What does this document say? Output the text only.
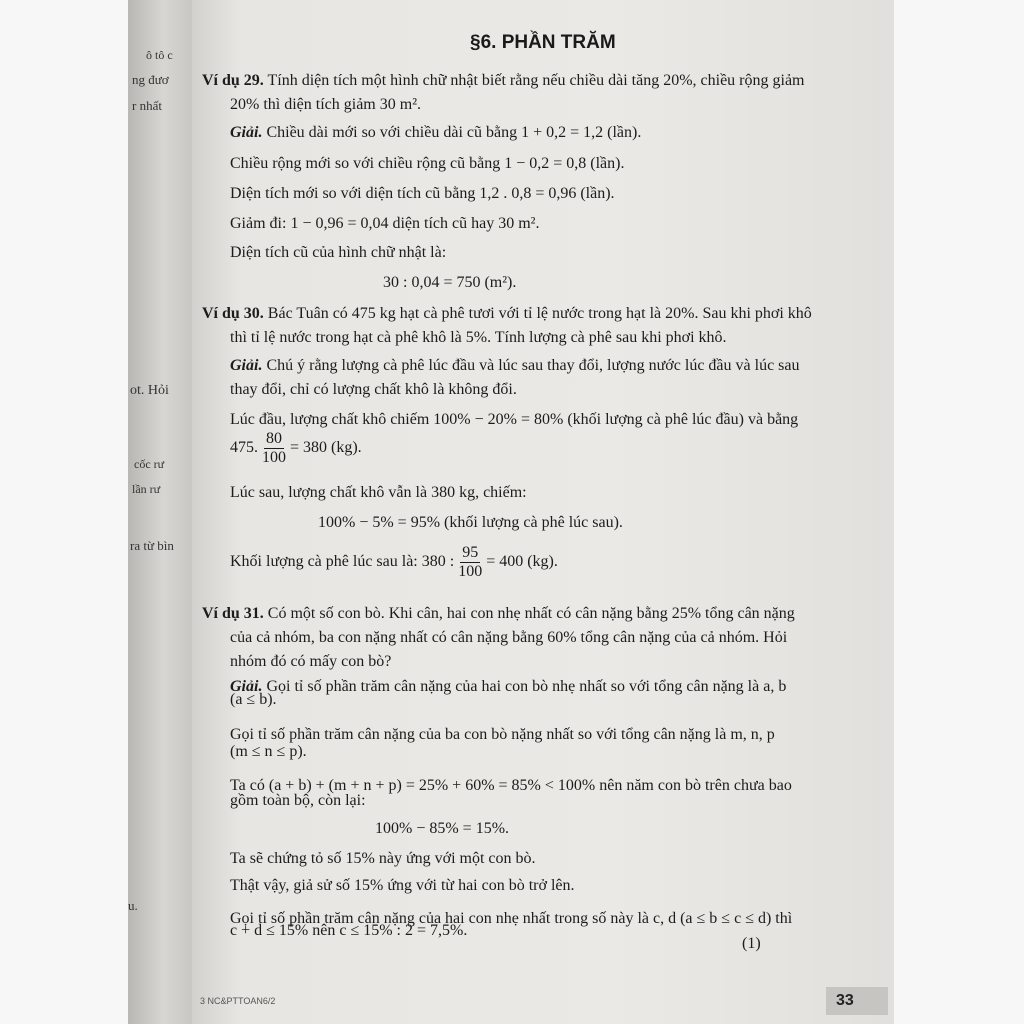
ô tô c
ng đươ
r nhất
ot. Hỏi
cốc rư
lần rư
ra từ bìn
u.
§6. PHẦN TRĂM
Ví dụ 29. Tính diện tích một hình chữ nhật biết rằng nếu chiều dài tăng 20%, chiều rộng giảm
20% thì diện tích giảm 30 m².
Giải. Chiều dài mới so với chiều dài cũ bằng 1 + 0,2 = 1,2 (lần).
Chiều rộng mới so với chiều rộng cũ bằng 1 − 0,2 = 0,8 (lần).
Diện tích mới so với diện tích cũ bằng 1,2 . 0,8 = 0,96 (lần).
Giảm đi: 1 − 0,96 = 0,04 diện tích cũ hay 30 m².
Diện tích cũ của hình chữ nhật là:
30 : 0,04 = 750 (m²).
Ví dụ 30. Bác Tuân có 475 kg hạt cà phê tươi với tỉ lệ nước trong hạt là 20%. Sau khi phơi khô
thì tỉ lệ nước trong hạt cà phê khô là 5%. Tính lượng cà phê sau khi phơi khô.
Giải. Chú ý rằng lượng cà phê lúc đầu và lúc sau thay đổi, lượng nước lúc đầu và lúc sau
thay đổi, chỉ có lượng chất khô là không đổi.
Lúc đầu, lượng chất khô chiếm 100% − 20% = 80% (khối lượng cà phê lúc đầu) và bằng
475. $\frac{80}{100} = 380$ (kg).
Lúc sau, lượng chất khô vẫn là 380 kg, chiếm:
100% − 5% = 95% (khối lượng cà phê lúc sau).
Khối lượng cà phê lúc sau là: 380 : $\frac{95}{100} = 400$ (kg).
Ví dụ 31. Có một số con bò. Khi cân, hai con nhẹ nhất có cân nặng bằng 25% tổng cân nặng
của cả nhóm, ba con nặng nhất có cân nặng bằng 60% tổng cân nặng của cả nhóm. Hỏi
nhóm đó có mấy con bò?
Giải. Gọi tỉ số phần trăm cân nặng của hai con bò nhẹ nhất so với tổng cân nặng là a, b
(a ≤ b).
Gọi tỉ số phần trăm cân nặng của ba con bò nặng nhất so với tổng cân nặng là m, n, p
(m ≤ n ≤ p).
Ta có (a + b) + (m + n + p) = 25% + 60% = 85% < 100% nên năm con bò trên chưa bao
gồm toàn bộ, còn lại:
100% − 85% = 15%.
Ta sẽ chứng tỏ số 15% này ứng với một con bò.
Thật vậy, giả sử số 15% ứng với từ hai con bò trở lên.
Gọi tỉ số phần trăm cân nặng của hai con nhẹ nhất trong số này là c, d (a ≤ b ≤ c ≤ d) thì
c + d ≤ 15% nên c ≤ 15% : 2 = 7,5%.
(1)
3 NC&PTTOAN6/2	33
